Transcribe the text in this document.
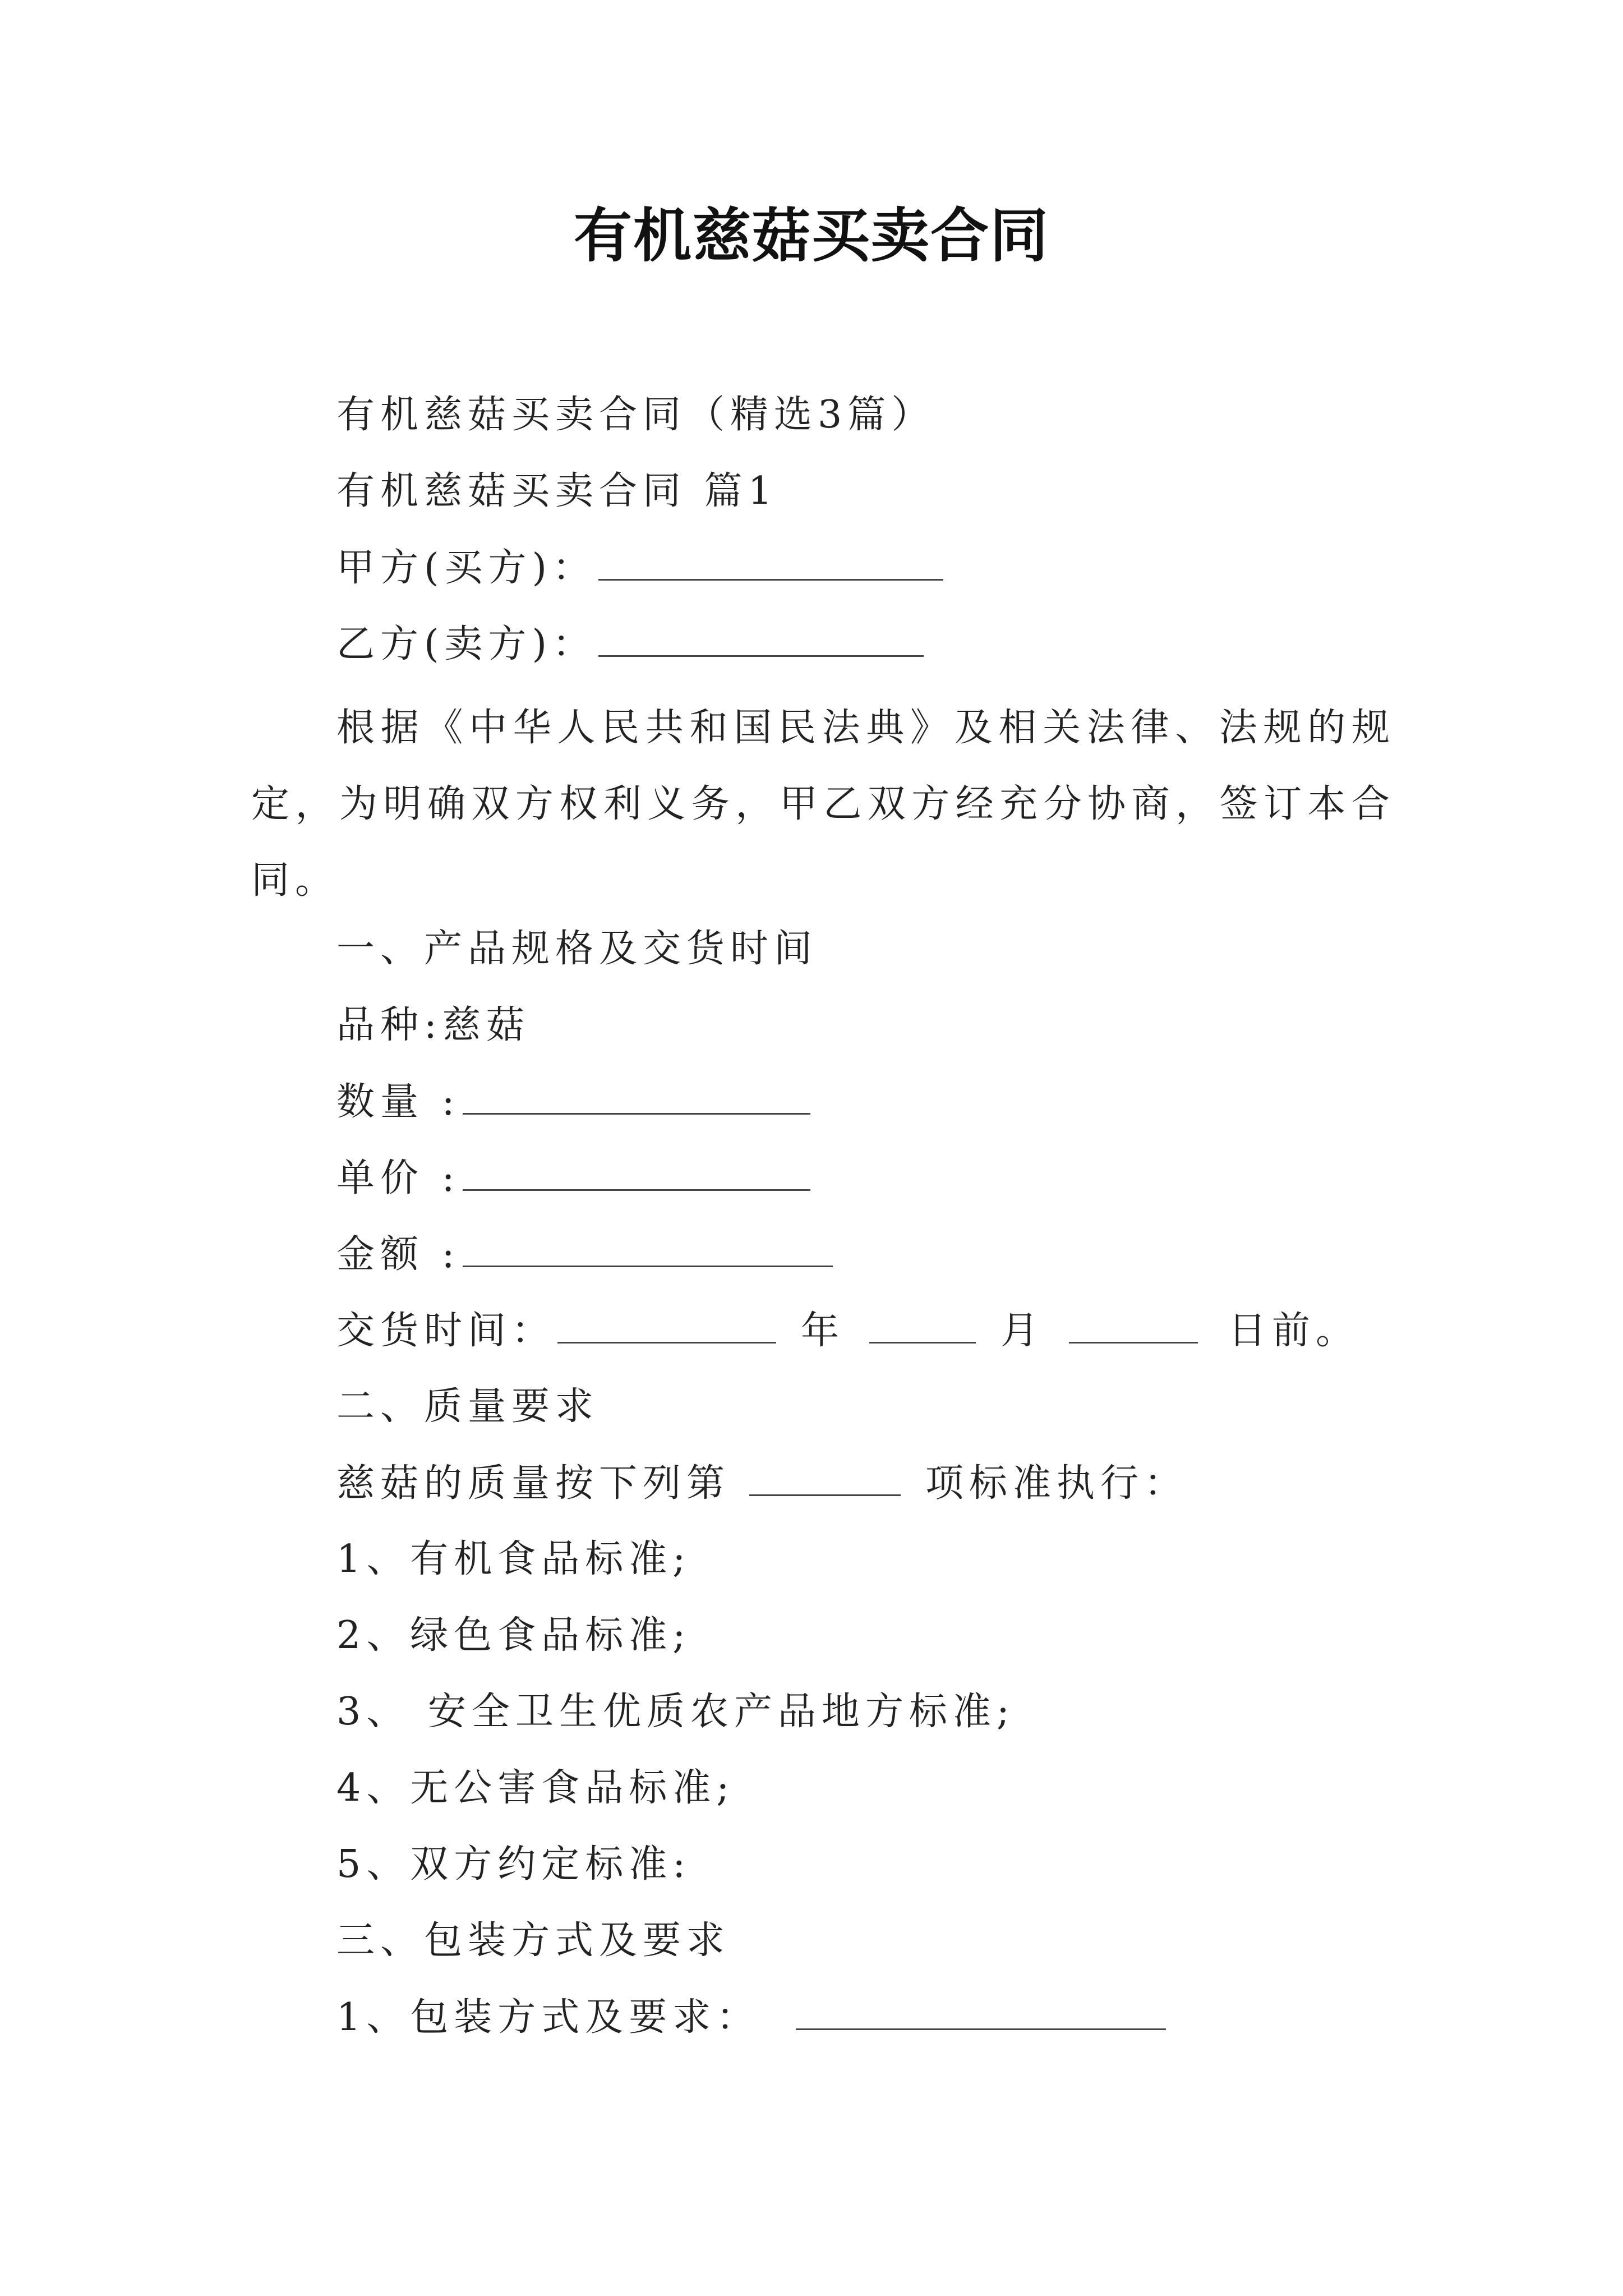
有机慈菇买卖合同
有机慈菇买卖合同（精选3篇）
有机慈菇买卖合同 篇1
甲方(买方)：
乙方(卖方)：
根据《中华人民共和国民法典》及相关法律、法规的规定，为明确双方权利义务，甲乙双方经充分协商，签订本合同。
一、产品规格及交货时间
品种:慈菇
数量 :
单价 :
金额 :
交货时间：	年	月	日前。
二、质量要求
慈菇的质量按下列第	项标准执行：
1、有机食品标准;
2、绿色食品标准;
3、 安全卫生优质农产品地方标准;
4、无公害食品标准;
5、双方约定标准:
三、包装方式及要求
1、包装方式及要求：
